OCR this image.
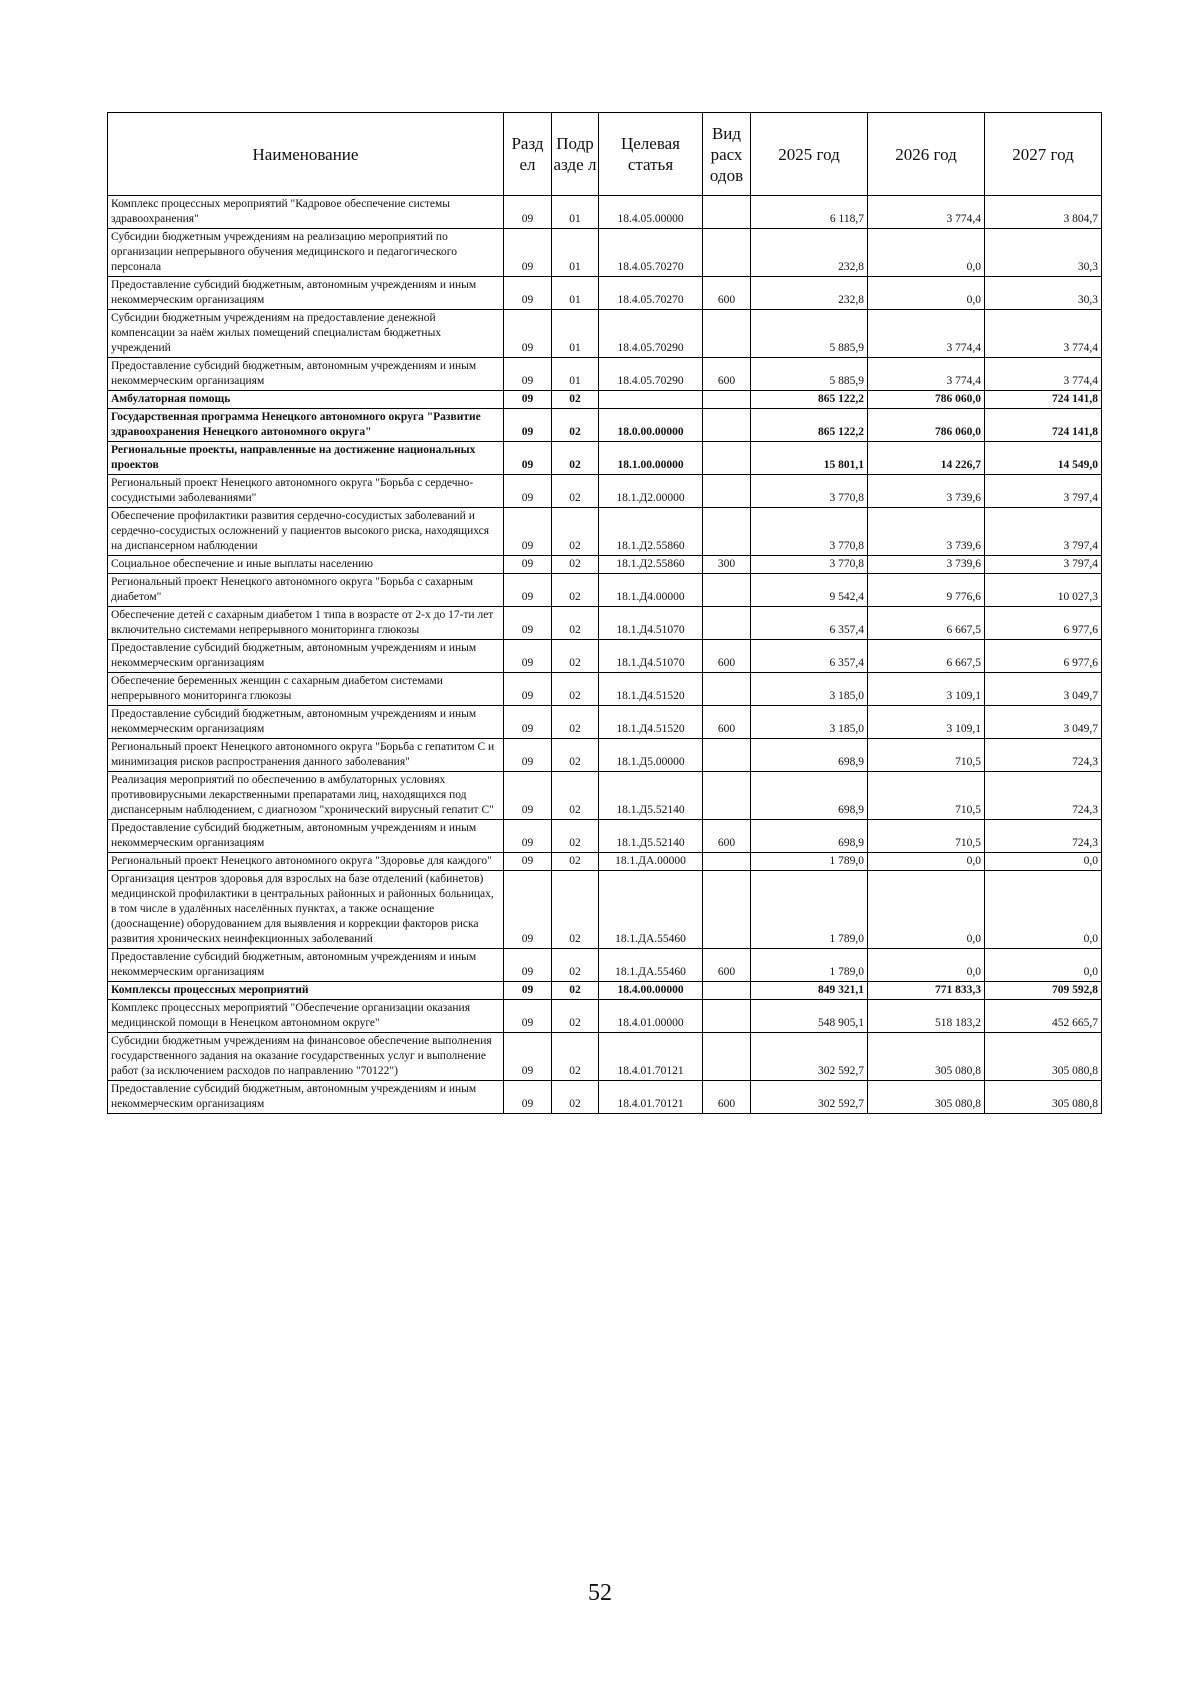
Наименование	Разд ел	Подр азде л	Целевая статья	Вид расх одов	2025 год	2026 год	2027 год
Комплекс процессных мероприятий "Кадровое обеспечение системы здравоохранения"	09	01	18.4.05.00000		6 118,7	3 774,4	3 804,7
Субсидии бюджетным учреждениям на реализацию мероприятий по организации непрерывного обучения медицинского и педагогического персонала	09	01	18.4.05.70270		232,8	0,0	30,3
Предоставление субсидий бюджетным, автономным учреждениям и иным некоммерческим организациям	09	01	18.4.05.70270	600	232,8	0,0	30,3
Субсидии бюджетным учреждениям на предоставление денежной компенсации за наём жилых помещений специалистам бюджетных учреждений	09	01	18.4.05.70290		5 885,9	3 774,4	3 774,4
Предоставление субсидий бюджетным, автономным учреждениям и иным некоммерческим организациям	09	01	18.4.05.70290	600	5 885,9	3 774,4	3 774,4
Амбулаторная помощь	09	02			865 122,2	786 060,0	724 141,8
Государственная программа Ненецкого автономного округа "Развитие здравоохранения Ненецкого автономного округа"	09	02	18.0.00.00000		865 122,2	786 060,0	724 141,8
Региональные проекты, направленные на достижение национальных проектов	09	02	18.1.00.00000		15 801,1	14 226,7	14 549,0
Региональный проект Ненецкого автономного округа "Борьба с сердечно-сосудистыми заболеваниями"	09	02	18.1.Д2.00000		3 770,8	3 739,6	3 797,4
Обеспечение профилактики развития сердечно-сосудистых заболеваний и сердечно-сосудистых осложнений у пациентов высокого риска, находящихся на диспансерном наблюдении	09	02	18.1.Д2.55860		3 770,8	3 739,6	3 797,4
Социальное обеспечение и иные выплаты населению	09	02	18.1.Д2.55860	300	3 770,8	3 739,6	3 797,4
Региональный проект Ненецкого автономного округа "Борьба с сахарным диабетом"	09	02	18.1.Д4.00000		9 542,4	9 776,6	10 027,3
Обеспечение детей с сахарным диабетом 1 типа в возрасте от 2-х до 17-ти лет включительно системами непрерывного мониторинга глюкозы	09	02	18.1.Д4.51070		6 357,4	6 667,5	6 977,6
Предоставление субсидий бюджетным, автономным учреждениям и иным некоммерческим организациям	09	02	18.1.Д4.51070	600	6 357,4	6 667,5	6 977,6
Обеспечение беременных женщин с сахарным диабетом системами непрерывного мониторинга глюкозы	09	02	18.1.Д4.51520		3 185,0	3 109,1	3 049,7
Предоставление субсидий бюджетным, автономным учреждениям и иным некоммерческим организациям	09	02	18.1.Д4.51520	600	3 185,0	3 109,1	3 049,7
Региональный проект Ненецкого автономного округа "Борьба с гепатитом С и минимизация рисков распространения данного заболевания"	09	02	18.1.Д5.00000		698,9	710,5	724,3
Реализация мероприятий по обеспечению в амбулаторных условиях противовирусными лекарственными препаратами лиц, находящихся под диспансерным наблюдением, с диагнозом "хронический вирусный гепатит С"	09	02	18.1.Д5.52140		698,9	710,5	724,3
Предоставление субсидий бюджетным, автономным учреждениям и иным некоммерческим организациям	09	02	18.1.Д5.52140	600	698,9	710,5	724,3
Региональный проект Ненецкого автономного округа "Здоровье для каждого"	09	02	18.1.ДА.00000		1 789,0	0,0	0,0
Организация центров здоровья для взрослых на базе отделений (кабинетов) медицинской профилактики в центральных районных и районных больницах, в том числе в удалённых населённых пунктах, а также оснащение (дооснащение) оборудованием для выявления и коррекции факторов риска развития хронических неинфекционных заболеваний	09	02	18.1.ДА.55460		1 789,0	0,0	0,0
Предоставление субсидий бюджетным, автономным учреждениям и иным некоммерческим организациям	09	02	18.1.ДА.55460	600	1 789,0	0,0	0,0
Комплексы процессных мероприятий	09	02	18.4.00.00000		849 321,1	771 833,3	709 592,8
Комплекс процесcных мероприятий "Обеспечение организации оказания медицинской помощи в Ненецком автономном округе"	09	02	18.4.01.00000		548 905,1	518 183,2	452 665,7
Субсидии бюджетным учреждениям на финансовое обеспечение выполнения государственного задания на оказание государственных услуг и выполнение работ (за исключением расходов по направлению "70122")	09	02	18.4.01.70121		302 592,7	305 080,8	305 080,8
Предоставление субсидий бюджетным, автономным учреждениям и иным некоммерческим организациям	09	02	18.4.01.70121	600	302 592,7	305 080,8	305 080,8
52
